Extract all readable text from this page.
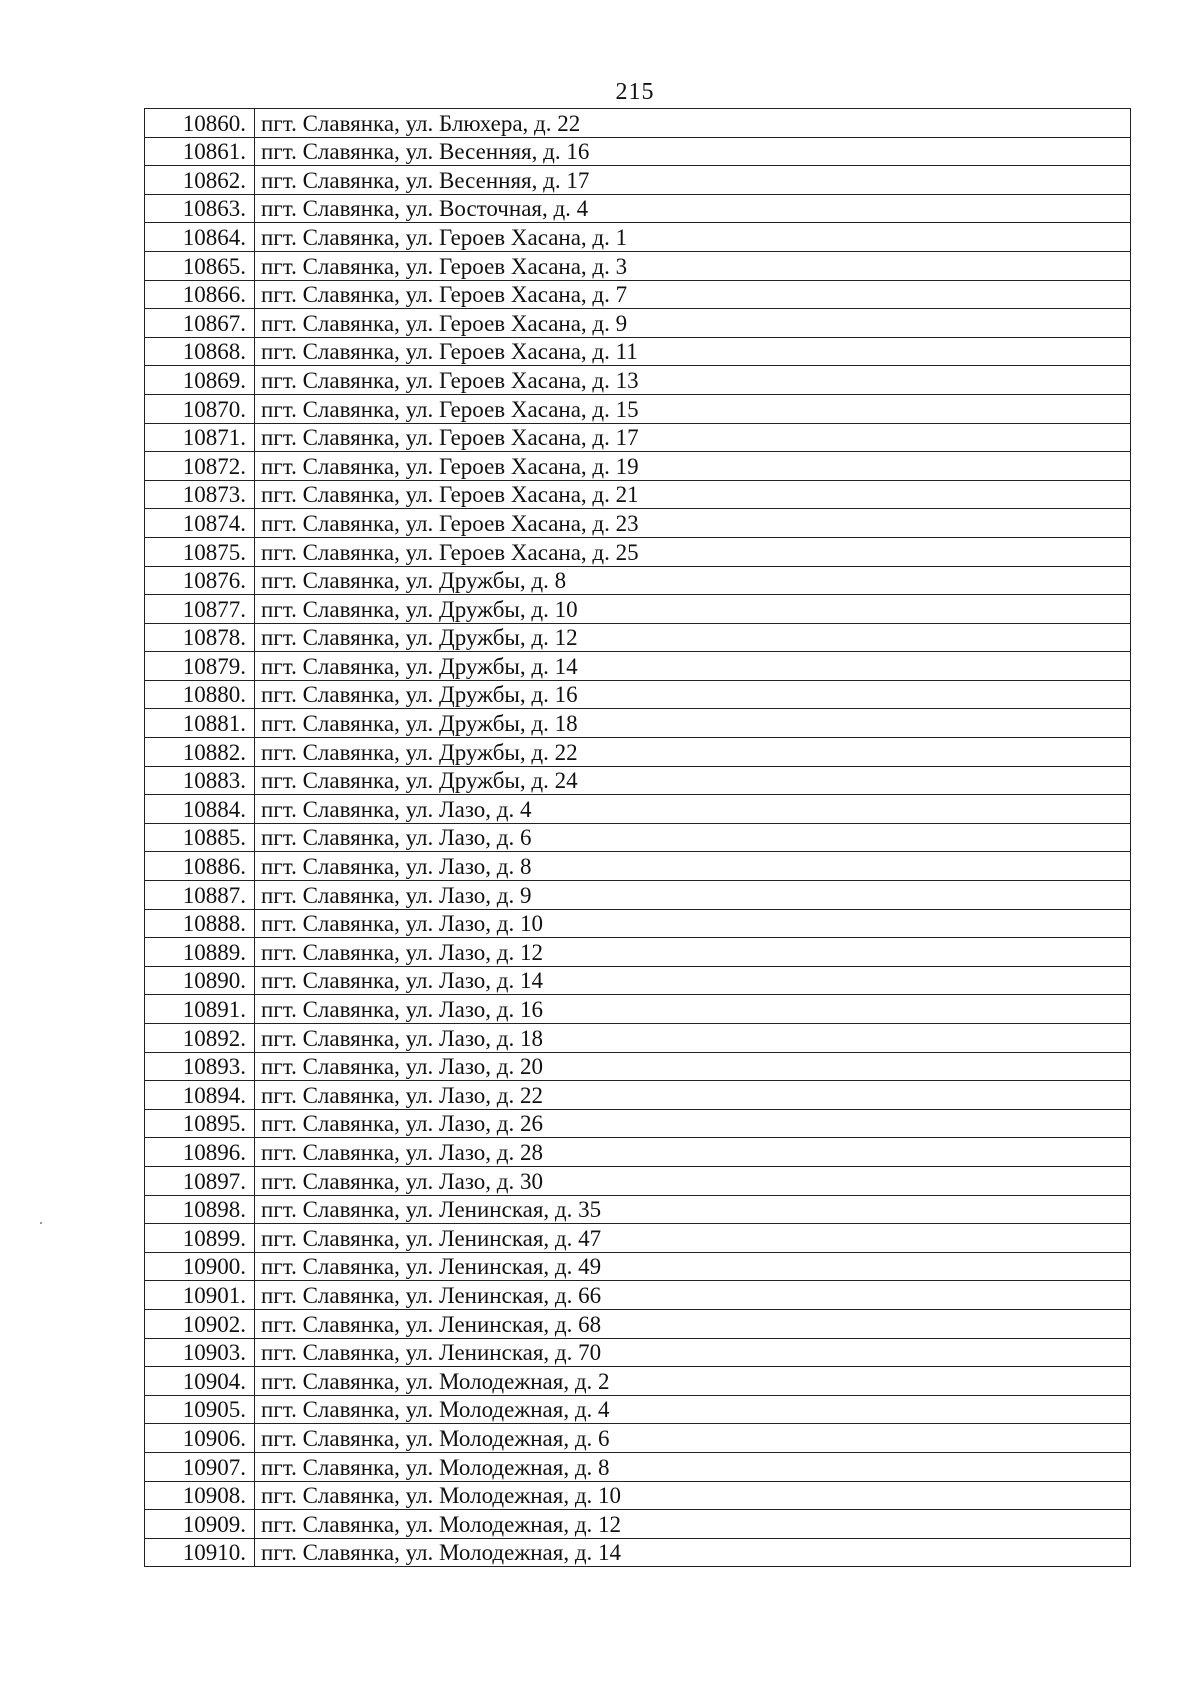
215
10860.	пгт. Славянка, ул. Блюхера, д. 22
10861.	пгт. Славянка, ул. Весенняя, д. 16
10862.	пгт. Славянка, ул. Весенняя, д. 17
10863.	пгт. Славянка, ул. Восточная, д. 4
10864.	пгт. Славянка, ул. Героев Хасана, д. 1
10865.	пгт. Славянка, ул. Героев Хасана, д. 3
10866.	пгт. Славянка, ул. Героев Хасана, д. 7
10867.	пгт. Славянка, ул. Героев Хасана, д. 9
10868.	пгт. Славянка, ул. Героев Хасана, д. 11
10869.	пгт. Славянка, ул. Героев Хасана, д. 13
10870.	пгт. Славянка, ул. Героев Хасана, д. 15
10871.	пгт. Славянка, ул. Героев Хасана, д. 17
10872.	пгт. Славянка, ул. Героев Хасана, д. 19
10873.	пгт. Славянка, ул. Героев Хасана, д. 21
10874.	пгт. Славянка, ул. Героев Хасана, д. 23
10875.	пгт. Славянка, ул. Героев Хасана, д. 25
10876.	пгт. Славянка, ул. Дружбы, д. 8
10877.	пгт. Славянка, ул. Дружбы, д. 10
10878.	пгт. Славянка, ул. Дружбы, д. 12
10879.	пгт. Славянка, ул. Дружбы, д. 14
10880.	пгт. Славянка, ул. Дружбы, д. 16
10881.	пгт. Славянка, ул. Дружбы, д. 18
10882.	пгт. Славянка, ул. Дружбы, д. 22
10883.	пгт. Славянка, ул. Дружбы, д. 24
10884.	пгт. Славянка, ул. Лазо, д. 4
10885.	пгт. Славянка, ул. Лазо, д. 6
10886.	пгт. Славянка, ул. Лазо, д. 8
10887.	пгт. Славянка, ул. Лазо, д. 9
10888.	пгт. Славянка, ул. Лазо, д. 10
10889.	пгт. Славянка, ул. Лазо, д. 12
10890.	пгт. Славянка, ул. Лазо, д. 14
10891.	пгт. Славянка, ул. Лазо, д. 16
10892.	пгт. Славянка, ул. Лазо, д. 18
10893.	пгт. Славянка, ул. Лазо, д. 20
10894.	пгт. Славянка, ул. Лазо, д. 22
10895.	пгт. Славянка, ул. Лазо, д. 26
10896.	пгт. Славянка, ул. Лазо, д. 28
10897.	пгт. Славянка, ул. Лазо, д. 30
10898.	пгт. Славянка, ул. Ленинская, д. 35
10899.	пгт. Славянка, ул. Ленинская, д. 47
10900.	пгт. Славянка, ул. Ленинская, д. 49
10901.	пгт. Славянка, ул. Ленинская, д. 66
10902.	пгт. Славянка, ул. Ленинская, д. 68
10903.	пгт. Славянка, ул. Ленинская, д. 70
10904.	пгт. Славянка, ул. Молодежная, д. 2
10905.	пгт. Славянка, ул. Молодежная, д. 4
10906.	пгт. Славянка, ул. Молодежная, д. 6
10907.	пгт. Славянка, ул. Молодежная, д. 8
10908.	пгт. Славянка, ул. Молодежная, д. 10
10909.	пгт. Славянка, ул. Молодежная, д. 12
10910.	пгт. Славянка, ул. Молодежная, д. 14
